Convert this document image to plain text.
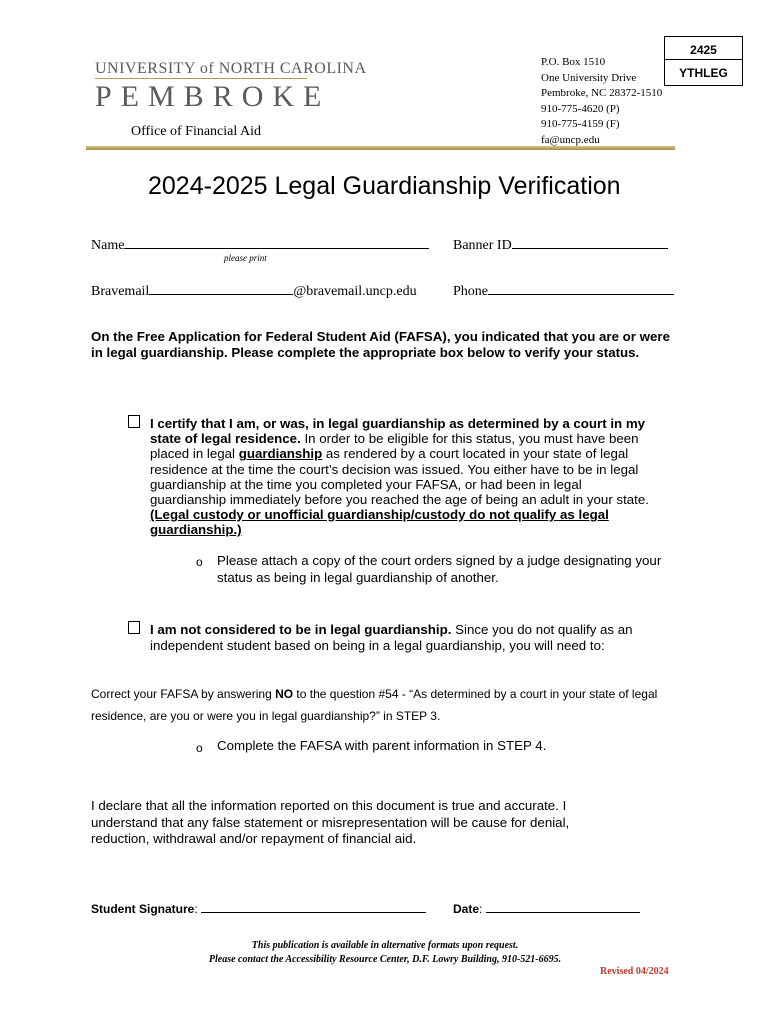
UNIVERSITY of NORTH CAROLINA
PEMBROKE
Office of Financial Aid
P.O. Box 1510
One University Drive
Pembroke, NC 28372-1510
910-775-4620 (P)
910-775-4159 (F)
fa@uncp.edu
2425
YTHLEG
2024-2025 Legal Guardianship Verification
Name
please print
Banner ID
Bravemail	@bravemail.uncp.edu	Phone
On the Free Application for Federal Student Aid (FAFSA), you indicated that you are or were in legal guardianship. Please complete the appropriate box below to verify your status.
I certify that I am, or was, in legal guardianship as determined by a court in my state of legal residence. In order to be eligible for this status, you must have been placed in legal guardianship as rendered by a court located in your state of legal residence at the time the court’s decision was issued. You either have to be in legal guardianship at the time you completed your FAFSA, or had been in legal guardianship immediately before you reached the age of being an adult in your state. (Legal custody or unofficial guardianship/custody do not qualify as legal guardianship.)
o Please attach a copy of the court orders signed by a judge designating your status as being in legal guardianship of another.
I am not considered to be in legal guardianship. Since you do not qualify as an independent student based on being in a legal guardianship, you will need to:
Correct your FAFSA by answering NO to the question #54 - “As determined by a court in your state of legal residence, are you or were you in legal guardianship?” in STEP 3.
o Complete the FAFSA with parent information in STEP 4.
I declare that all the information reported on this document is true and accurate. I understand that any false statement or misrepresentation will be cause for denial, reduction, withdrawal and/or repayment of financial aid.
Student Signature:	Date:
This publication is available in alternative formats upon request.
Please contact the Accessibility Resource Center, D.F. Lowry Building, 910-521-6695.
Revised 04/2024
